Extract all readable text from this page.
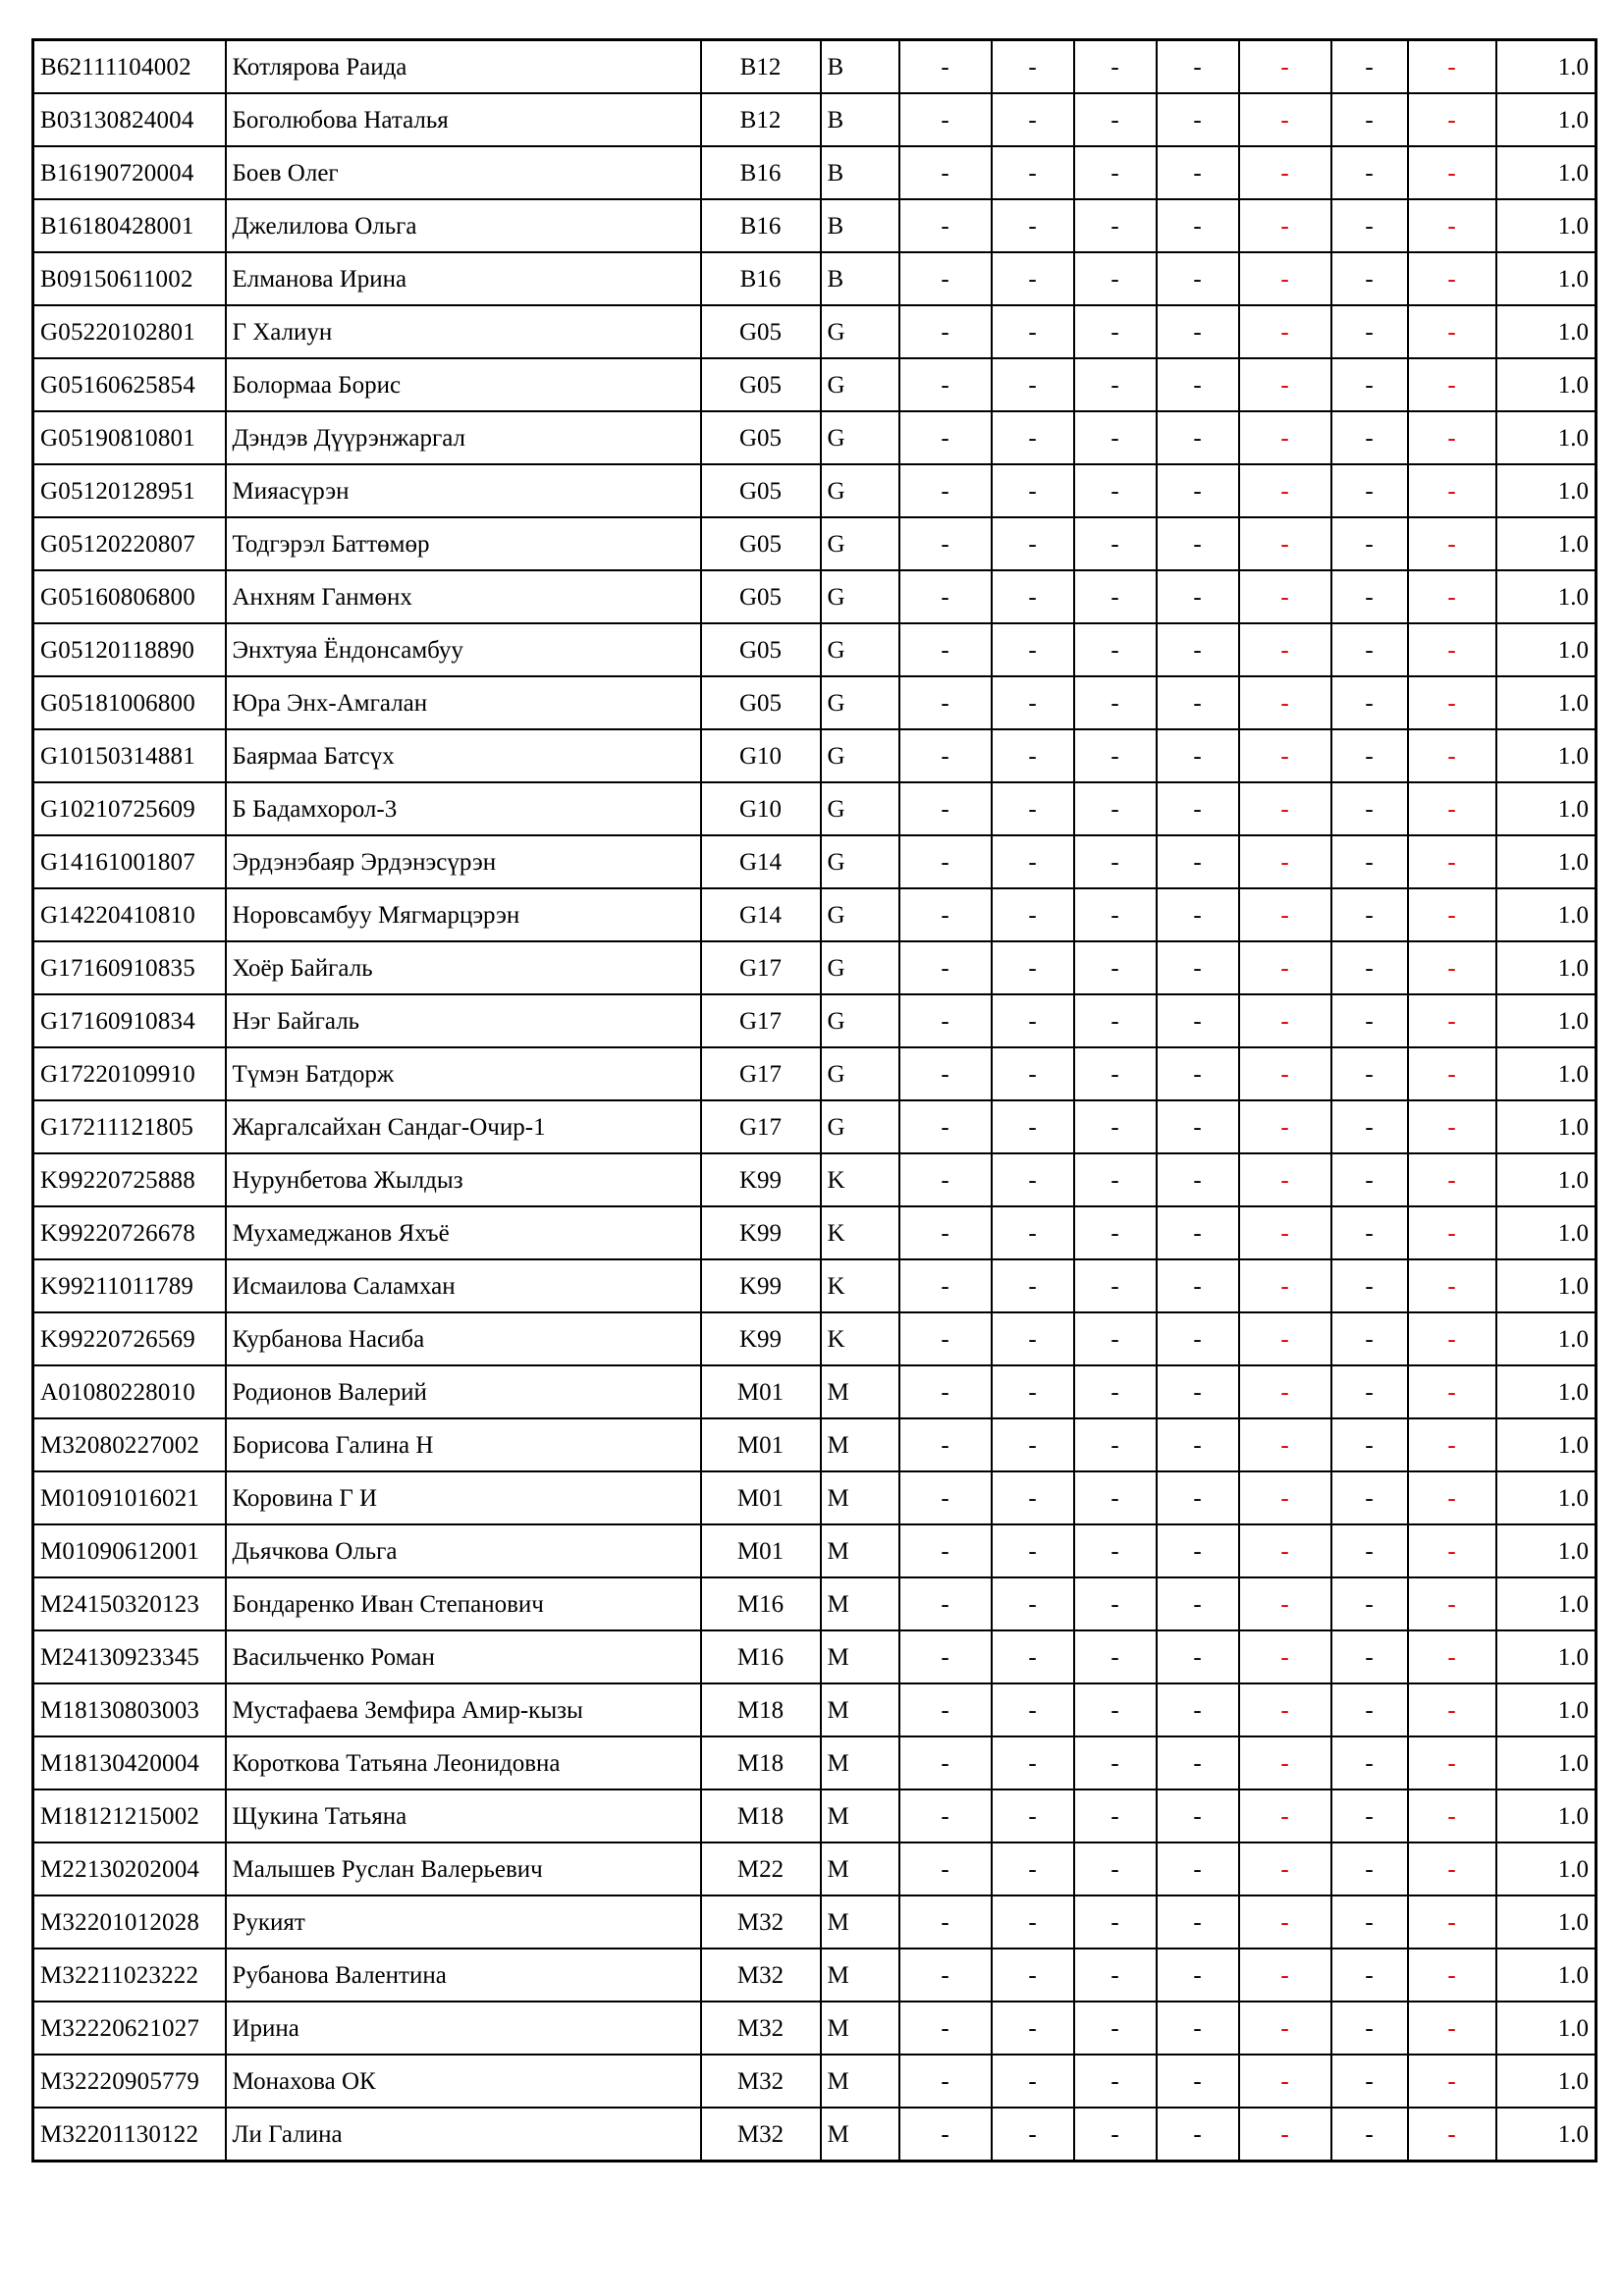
B62111104002	Котлярова Раида	B12	B	-	-	-	-	-	-	-	1.0
B03130824004	Боголюбова Наталья	B12	B	-	-	-	-	-	-	-	1.0
B16190720004	Боев Олег	B16	B	-	-	-	-	-	-	-	1.0
B16180428001	Джелилова Ольга	B16	B	-	-	-	-	-	-	-	1.0
B09150611002	Елманова Ирина	B16	B	-	-	-	-	-	-	-	1.0
G05220102801	Г Халиун	G05	G	-	-	-	-	-	-	-	1.0
G05160625854	Болормаа Борис	G05	G	-	-	-	-	-	-	-	1.0
G05190810801	Дэндэв Дүүрэнжаргал	G05	G	-	-	-	-	-	-	-	1.0
G05120128951	Мияасүрэн	G05	G	-	-	-	-	-	-	-	1.0
G05120220807	Тодгэрэл Баттөмөр	G05	G	-	-	-	-	-	-	-	1.0
G05160806800	Анхням Ганмөнх	G05	G	-	-	-	-	-	-	-	1.0
G05120118890	Энхтуяа Ёндонсамбуу	G05	G	-	-	-	-	-	-	-	1.0
G05181006800	Юра Энх-Амгалан	G05	G	-	-	-	-	-	-	-	1.0
G10150314881	Баярмаа Батсүх	G10	G	-	-	-	-	-	-	-	1.0
G10210725609	Б Бадамхорол-3	G10	G	-	-	-	-	-	-	-	1.0
G14161001807	Эрдэнэбаяр Эрдэнэсүрэн	G14	G	-	-	-	-	-	-	-	1.0
G14220410810	Норовсамбуу Мягмарцэрэн	G14	G	-	-	-	-	-	-	-	1.0
G17160910835	Хоёр Байгаль	G17	G	-	-	-	-	-	-	-	1.0
G17160910834	Нэг Байгаль	G17	G	-	-	-	-	-	-	-	1.0
G17220109910	Түмэн Батдорж	G17	G	-	-	-	-	-	-	-	1.0
G17211121805	Жаргалсайхан Сандаг-Очир-1	G17	G	-	-	-	-	-	-	-	1.0
K99220725888	Нурунбетова Жылдыз	K99	K	-	-	-	-	-	-	-	1.0
K99220726678	Мухамеджанов Яхъё	K99	K	-	-	-	-	-	-	-	1.0
K99211011789	Исмаилова Саламхан	K99	K	-	-	-	-	-	-	-	1.0
K99220726569	Курбанова Насиба	K99	K	-	-	-	-	-	-	-	1.0
A01080228010	Родионов Валерий	M01	M	-	-	-	-	-	-	-	1.0
M32080227002	Борисова Галина Н	M01	M	-	-	-	-	-	-	-	1.0
M01091016021	Коровина Г И	M01	M	-	-	-	-	-	-	-	1.0
M01090612001	Дьячкова Ольга	M01	M	-	-	-	-	-	-	-	1.0
M24150320123	Бондаренко Иван Степанович	M16	M	-	-	-	-	-	-	-	1.0
M24130923345	Васильченко Роман	M16	M	-	-	-	-	-	-	-	1.0
M18130803003	Мустафаева Земфира Амир-кызы	M18	M	-	-	-	-	-	-	-	1.0
M18130420004	Короткова Татьяна Леонидовна	M18	M	-	-	-	-	-	-	-	1.0
M18121215002	Щукина Татьяна	M18	M	-	-	-	-	-	-	-	1.0
M22130202004	Малышев Руслан Валерьевич	M22	M	-	-	-	-	-	-	-	1.0
M32201012028	Рукият	M32	M	-	-	-	-	-	-	-	1.0
M32211023222	Рубанова Валентина	M32	M	-	-	-	-	-	-	-	1.0
M32220621027	Ирина	M32	M	-	-	-	-	-	-	-	1.0
M32220905779	Монахова ОК	M32	M	-	-	-	-	-	-	-	1.0
M32201130122	Ли Галина	M32	M	-	-	-	-	-	-	-	1.0
